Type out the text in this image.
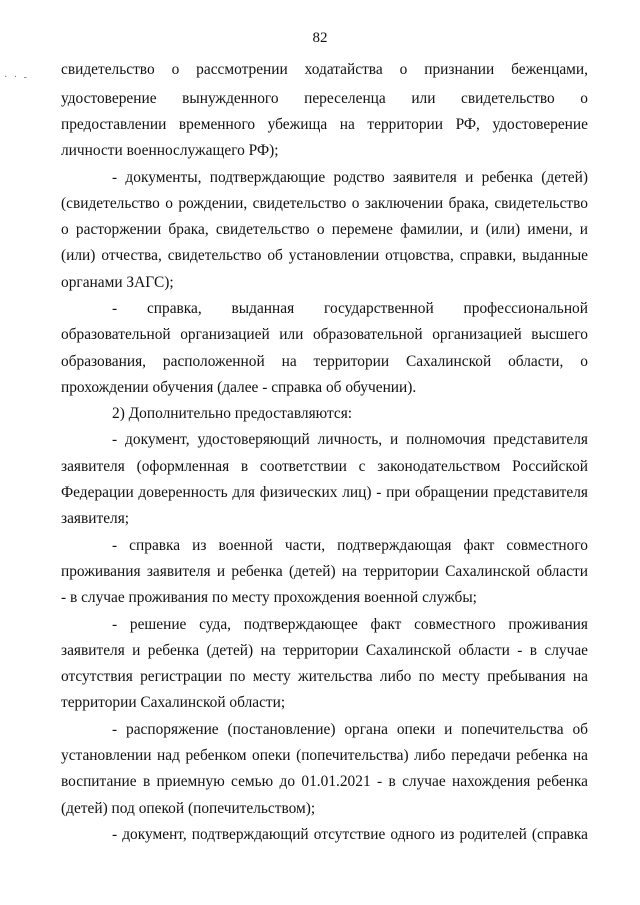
82
· · - свидетельство о рассмотрении ходатайства о признании беженцами,
удостоверение вынужденного переселенца или свидетельство о
предоставлении временного убежища на территории РФ, удостоверение
личности военнослужащего РФ);
- документы, подтверждающие родство заявителя и ребенка (детей)
(свидетельство о рождении, свидетельство о заключении брака, свидетельство
о расторжении брака, свидетельство о перемене фамилии, и (или) имени, и
(или) отчества, свидетельство об установлении отцовства, справки, выданные
органами ЗАГС);
- справка, выданная государственной профессиональной
образовательной организацией или образовательной организацией высшего
образования, расположенной на территории Сахалинской области, о
прохождении обучения (далее - справка об обучении).
2) Дополнительно предоставляются:
- документ, удостоверяющий личность, и полномочия представителя
заявителя (оформленная в соответствии с законодательством Российской
Федерации доверенность для физических лиц) - при обращении представителя
заявителя;
- справка из военной части, подтверждающая факт совместного
проживания заявителя и ребенка (детей) на территории Сахалинской области
- в случае проживания по месту прохождения военной службы;
- решение суда, подтверждающее факт совместного проживания
заявителя и ребенка (детей) на территории Сахалинской области - в случае
отсутствия регистрации по месту жительства либо по месту пребывания на
территории Сахалинской области;
- распоряжение (постановление) органа опеки и попечительства об
установлении над ребенком опеки (попечительства) либо передачи ребенка на
воспитание в приемную семью до 01.01.2021 - в случае нахождения ребенка
(детей) под опекой (попечительством);
- документ, подтверждающий отсутствие одного из родителей (справка
